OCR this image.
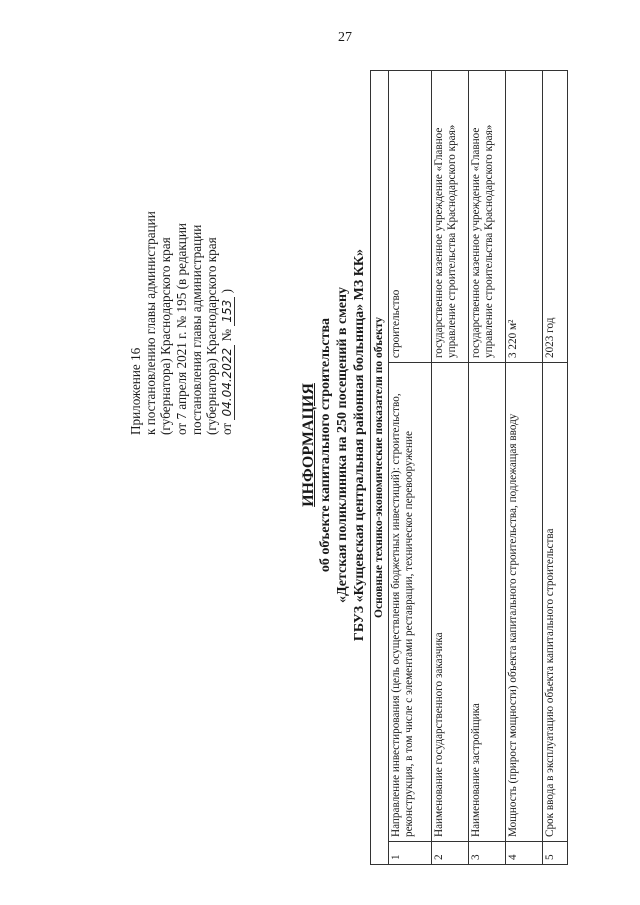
27
Приложение 16 к постановлению главы администрации (губернатора) Краснодарского края от 7 апреля 2021 г. № 195 (в редакции постановления главы администрации (губернатора) Краснодарского края от 04.04.2022 № 153 )
ИНФОРМАЦИЯ об объекте капитального строительства «Детская поликлиника на 250 посещений в смену ГБУЗ «Кущевская центральная районная больница» МЗ КК» Основные технико-экономические показатели по объекту		
1	Направление инвестирования (цель осуществления бюджетных инвестиций): строительство, реконструкция, в том числе с элементами реставрации, техническое перевооружение	строительство
2	Наименование государственного заказчика	государственное казенное учреждение «Главное управление строительства Краснодарского края»
3	Наименование застройщика	государственное казенное учреждение «Главное управление строительства Краснодарского края»
4	Мощность (прирост мощности) объекта капитального строительства, подлежащая вводу	3 220 м²
5	Срок ввода в эксплуатацию объекта капитального строительства	2023 год
